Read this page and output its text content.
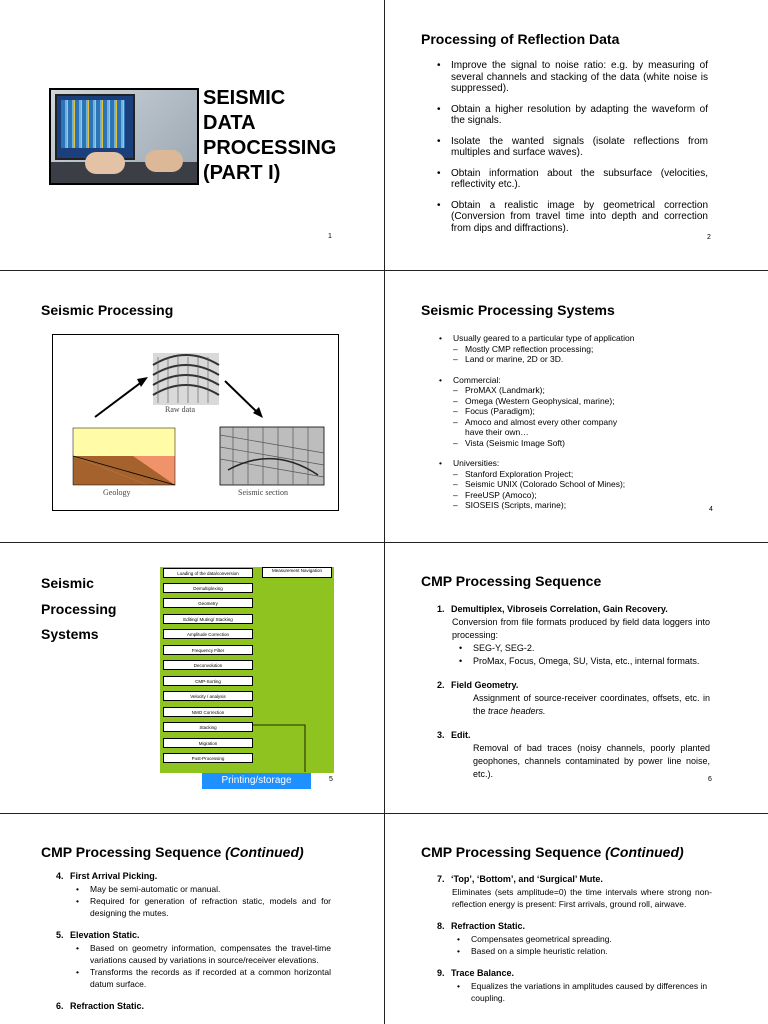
SEISMIC
DATA
PROCESSING
(PART I)
1
Processing of Reflection Data
• Improve the signal to noise ratio: e.g. by measuring of several channels and stacking of the data (white noise is suppressed).
• Obtain a higher resolution by adapting the waveform of the signals.
• Isolate the wanted signals (isolate reflections from multiples and surface waves).
• Obtain information about the subsurface (velocities, reflectivity etc.).
• Obtain a realistic image by geometrical correction (Conversion from travel time into depth and correction from dips and diffractions).
2
Seismic Processing
Raw data
Geology	Seismic section
Seismic Processing Systems
• Usually geared to a particular type of application
– Mostly CMP reflection processing;
– Land or marine, 2D or 3D.
• Commercial:
– ProMAX (Landmark);
– Omega (Western Geophysical, marine);
– Focus (Paradigm);
– Amoco and almost every other company have their own…
– Vista (Seismic Image Soft)
• Universities:
– Stanford Exploration Project;
– Seismic UNIX (Colorado School of Mines);
– FreeUSP (Amoco);
– SIOSEIS (Scripts, marine);	4
Seismic
Processing
Systems
Loading of the data/conversion
Demultiplexing
Geometry
Editing/ Muting/ Stacking
Amplitude Correction
Frequency Filter
Deconvolution
CMP-Sorting
Velocity / analysis
NMO Correction
Stacking
Migration
Post-Processing
Measurement Navigation
Printing/storage	5
CMP Processing Sequence
1. Demultiplex, Vibroseis Correlation, Gain Recovery.
Conversion from file formats produced by field data loggers into processing:
• SEG-Y, SEG-2.
• ProMax, Focus, Omega, SU, Vista, etc., internal formats.
2. Field Geometry.
Assignment of source-receiver coordinates, offsets, etc. in the trace headers.
3. Edit.
Removal of bad traces (noisy channels, poorly planted geophones, channels contaminated by power line noise, etc.).
6
CMP Processing Sequence (Continued)
4. First Arrival Picking.
• May be semi-automatic or manual.
• Required for generation of refraction static, models and for designing the mutes.
5. Elevation Static.
• Based on geometry information, compensates the travel-time variations caused by variations in source/receiver elevations.
• Transforms the records as if recorded at a common horizontal datum surface.
6. Refraction Static.
CMP Processing Sequence (Continued)
7. ‘Top’, ‘Bottom’, and ‘Surgical’ Mute.
Eliminates (sets amplitude=0) the time intervals where strong non-reflection energy is present: First arrivals, ground roll, airwave.
8. Refraction Static.
• Compensates geometrical spreading.
• Based on a simple heuristic relation.
9. Trace Balance.
• Equalizes the variations in amplitudes caused by differences in coupling.
